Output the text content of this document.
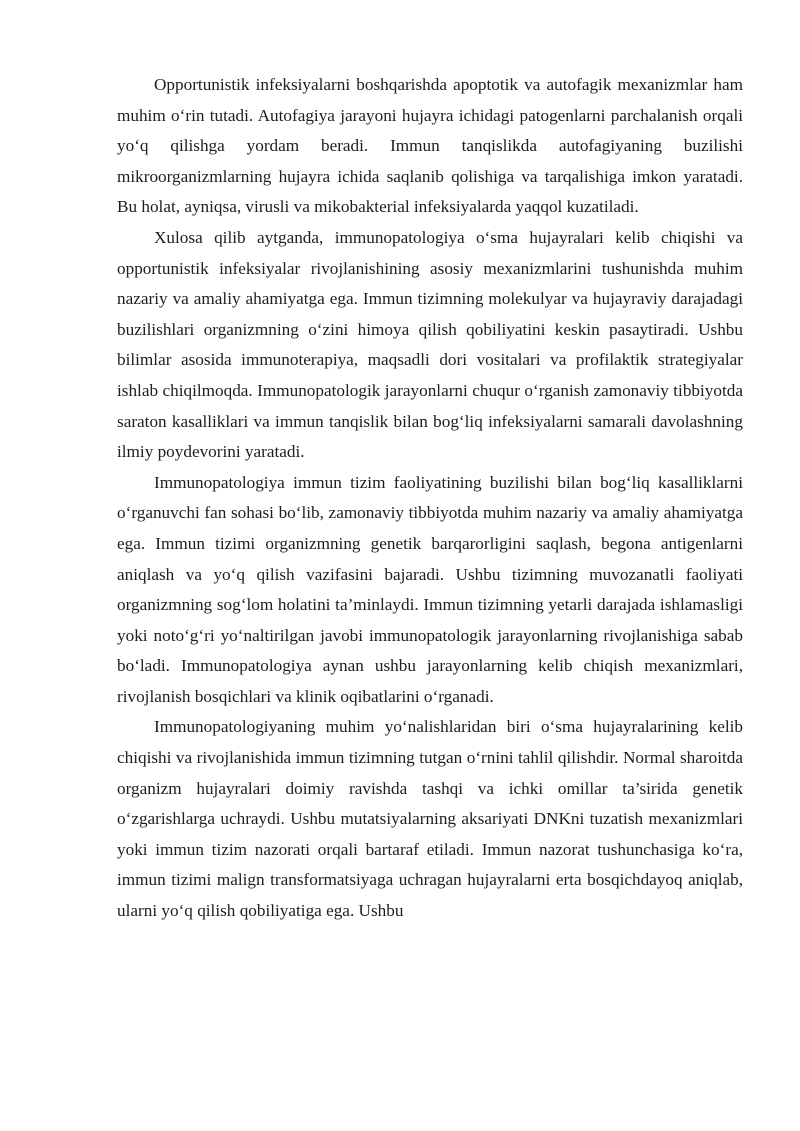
Opportunistik infeksiyalarni boshqarishda apoptotik va autofagik mexanizmlar ham muhim o‘rin tutadi. Autofagiya jarayoni hujayra ichidagi patogenlarni parchalanish orqali yo‘q qilishga yordam beradi. Immun tanqislikda autofagiyaning buzilishi mikroorganizmlarning hujayra ichida saqlanib qolishiga va tarqalishiga imkon yaratadi. Bu holat, ayniqsa, virusli va mikobakterial infeksiyalarda yaqqol kuzatiladi.

Xulosa qilib aytganda, immunopatologiya o‘sma hujayralari kelib chiqishi va opportunistik infeksiyalar rivojlanishining asosiy mexanizmlarini tushunishda muhim nazariy va amaliy ahamiyatga ega. Immun tizimning molekulyar va hujayraviy darajadagi buzilishlari organizmning o‘zini himoya qilish qobiliyatini keskin pasaytiradi. Ushbu bilimlar asosida immunoterapiya, maqsadli dori vositalari va profilaktik strategiyalar ishlab chiqilmoqda. Immunopatologik jarayonlarni chuqur o‘rganish zamonaviy tibbiyotda saraton kasalliklari va immun tanqislik bilan bog‘liq infeksiyalarni samarali davolashning ilmiy poydevorini yaratadi.

Immunopatologiya immun tizim faoliyatining buzilishi bilan bog‘liq kasalliklarni o‘rganuvchi fan sohasi bo‘lib, zamonaviy tibbiyotda muhim nazariy va amaliy ahamiyatga ega. Immun tizimi organizmning genetik barqarorligini saqlash, begona antigenlarni aniqlash va yo‘q qilish vazifasini bajaradi. Ushbu tizimning muvozanatli faoliyati organizmning sog‘lom holatini ta’minlaydi. Immun tizimning yetarli darajada ishlamasligi yoki noto‘g‘ri yo‘naltirilgan javobi immunopatologik jarayonlarning rivojlanishiga sabab bo‘ladi. Immunopatologiya aynan ushbu jarayonlarning kelib chiqish mexanizmlari, rivojlanish bosqichlari va klinik oqibatlarini o‘rganadi.

Immunopatologiyaning muhim yo‘nalishlaridan biri o‘sma hujayralarining kelib chiqishi va rivojlanishida immun tizimning tutgan o‘rnini tahlil qilishdir. Normal sharoitda organizm hujayralari doimiy ravishda tashqi va ichki omillar ta’sirida genetik o‘zgarishlarga uchraydi. Ushbu mutatsiyalarning aksariyati DNKni tuzatish mexanizmlari yoki immun tizim nazorati orqali bartaraf etiladi. Immun nazorat tushunchasiga ko‘ra, immun tizimi malign transformatsiyaga uchragan hujayralarni erta bosqichdayoq aniqlab, ularni yo‘q qilish qobiliyatiga ega. Ushbu
